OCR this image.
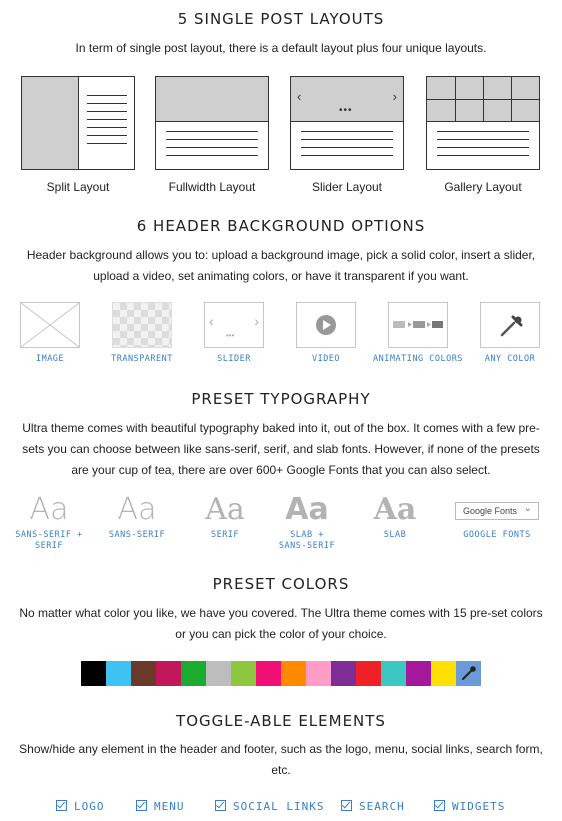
5 SINGLE POST LAYOUTS

In term of single post layout, there is a default layout plus four unique layouts.

Split Layout	Fullwidth Layout
‹	›
•••
Slider Layout	Gallery Layout
6 HEADER BACKGROUND OPTIONS

Header background allows you to: upload a background image, pick a solid color, insert a slider, upload a video, set animating colors, or have it transparent if you want.

IMAGE	TRANSPARENT
‹	›
•••
SLIDER	VIDEO	ANIMATING COLORS	ANY COLOR
PRESET TYPOGRAPHY

Ultra theme comes with beautiful typography baked into it, out of the box. It comes with a few pre-sets you can choose between like sans-serif, serif, and slab fonts. However, if none of the presets are your cup of tea, there are over 600+ Google Fonts that you can also select.

Aa
SANS-SERIF +
SERIF
Aa
SANS-SERIF
Aa
SERIF
Aa
SLAB +
SANS-SERIF
Aa
SLAB
Google Fonts ⌄
GOOGLE FONTS
PRESET COLORS

No matter what color you like, we have you covered. The Ultra theme comes with 15 pre-set colors or you can pick the color of your choice.

TOGGLE-ABLE ELEMENTS

Show/hide any element in the header and footer, such as the logo, menu, social links, search form, etc.

LOGO	MENU	SOCIAL LINKS	SEARCH	WIDGETS
